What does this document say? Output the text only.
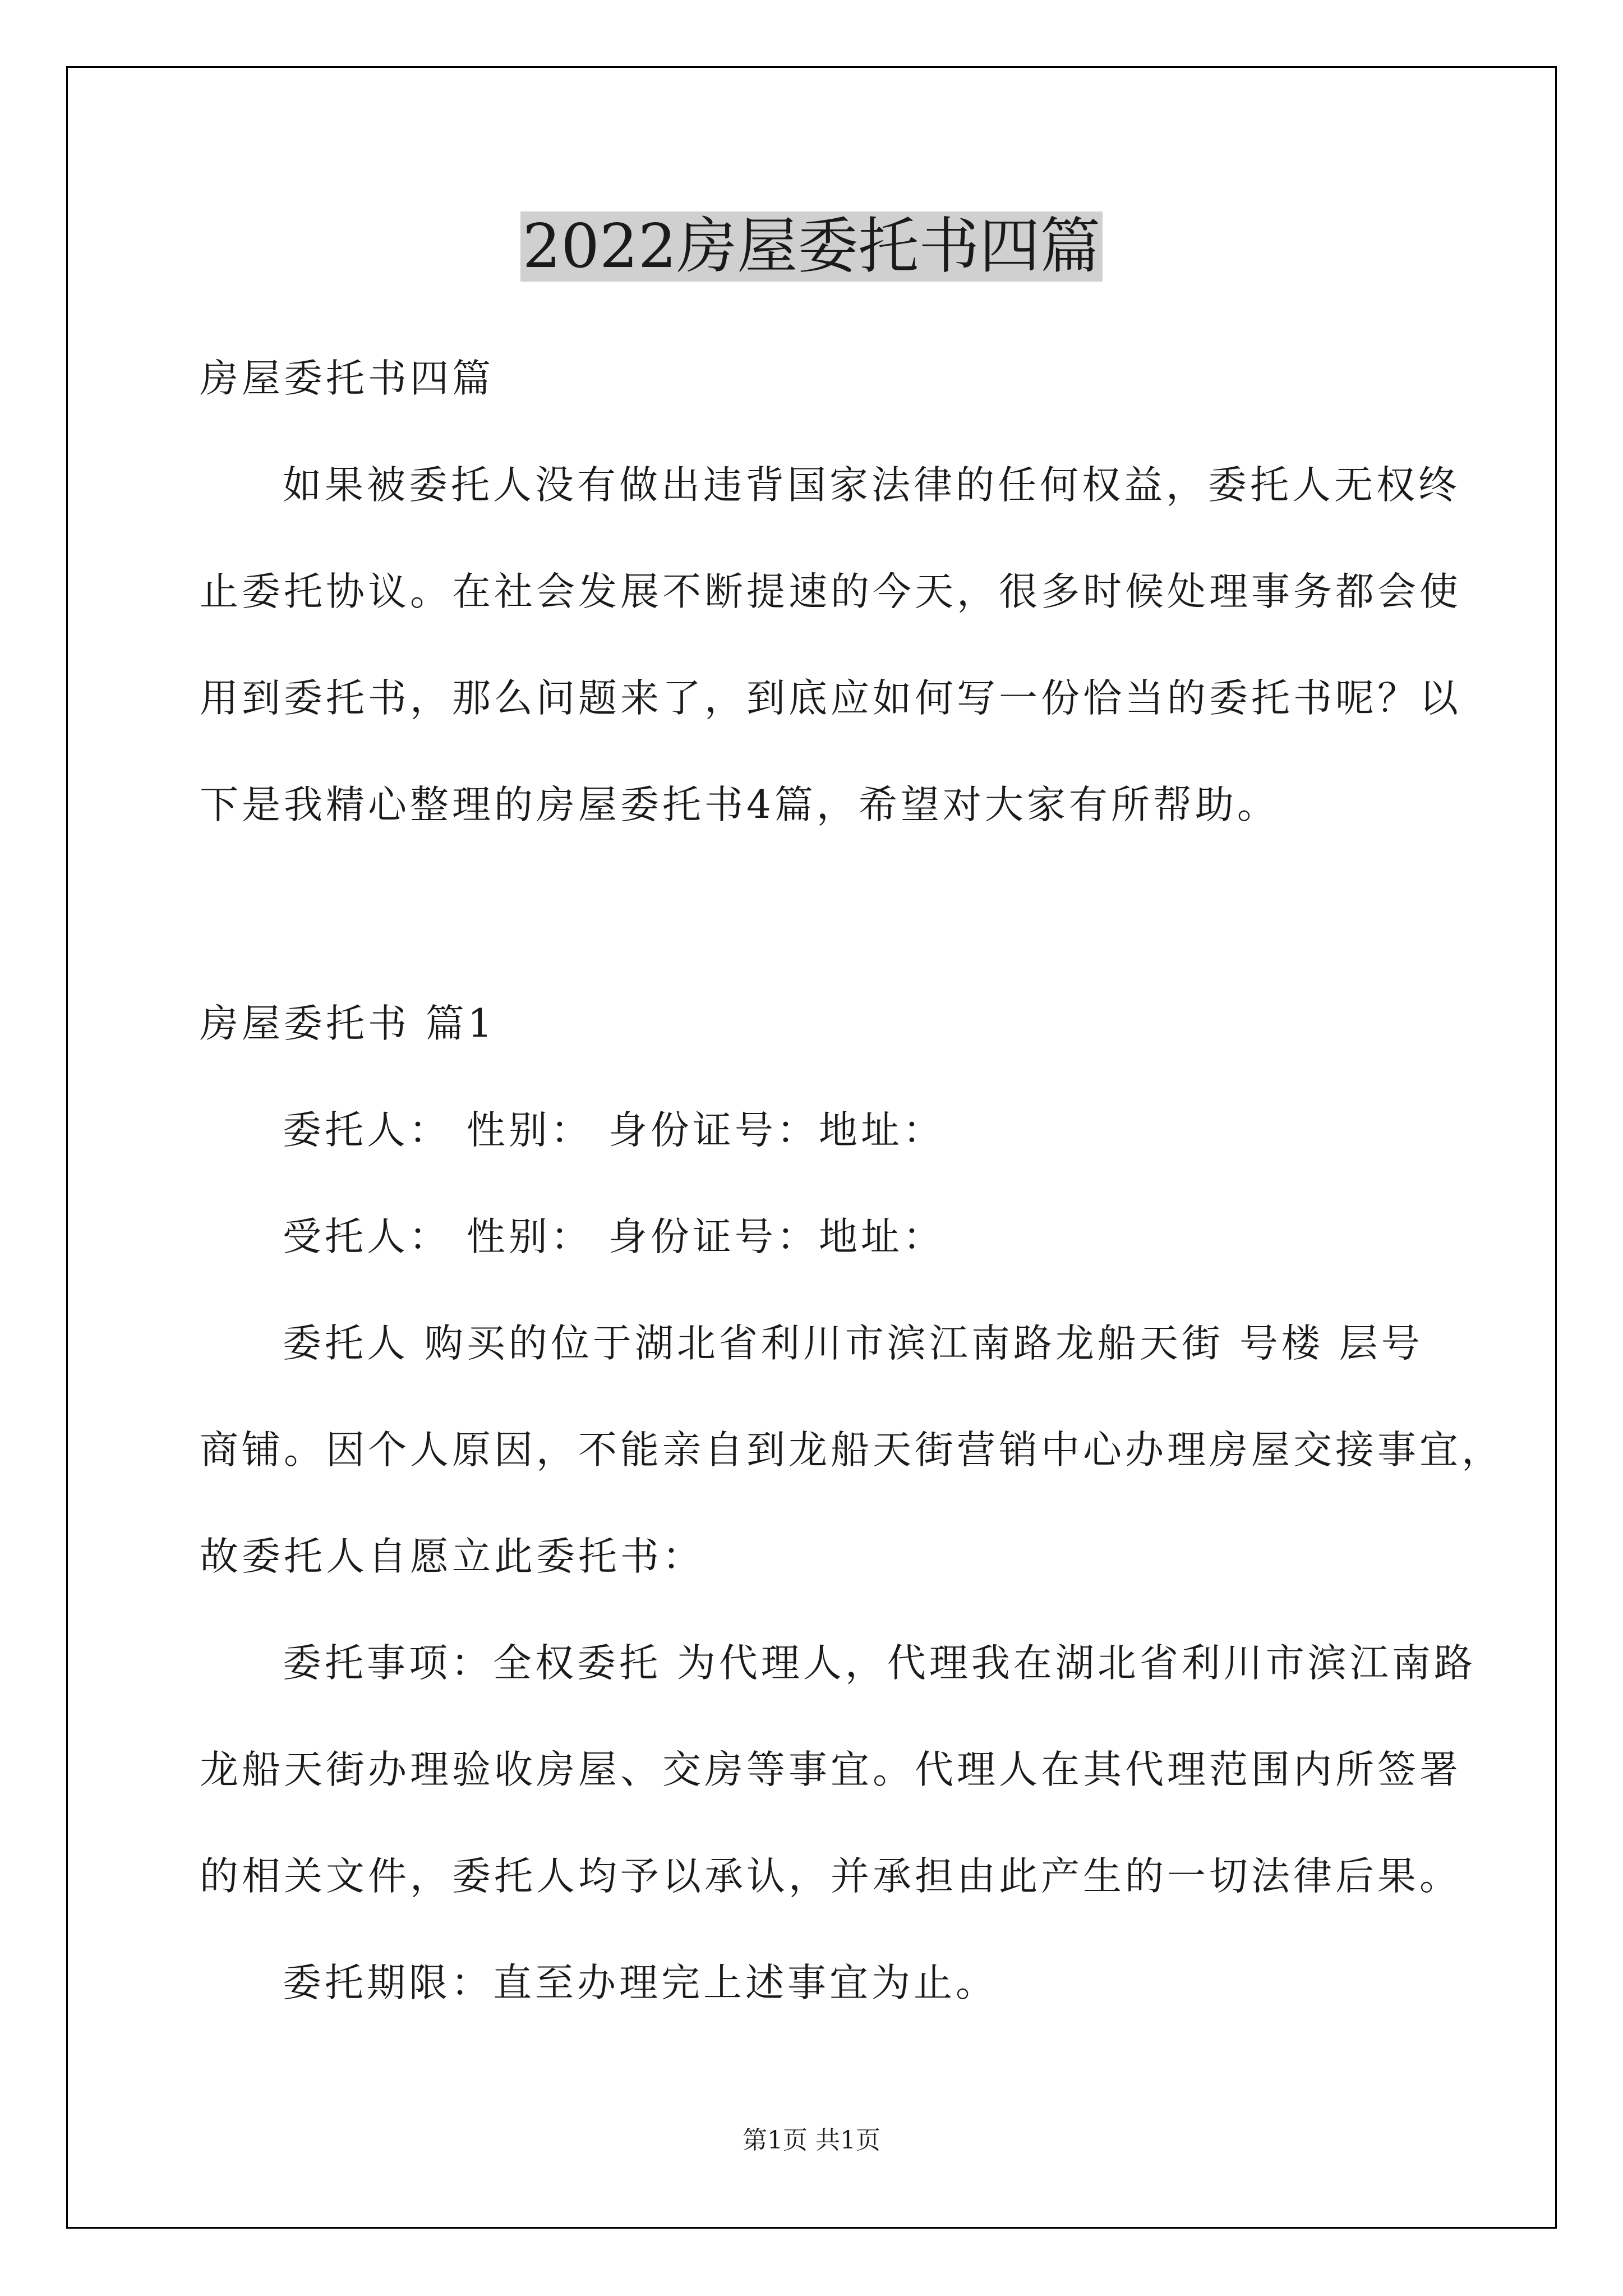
2022房屋委托书四篇
房屋委托书四篇
如果被委托人没有做出违背国家法律的任何权益，委托人无权终
止委托协议。在社会发展不断提速的今天，很多时候处理事务都会使
用到委托书，那么问题来了，到底应如何写一份恰当的委托书呢？以
下是我精心整理的房屋委托书4篇，希望对大家有所帮助。
房屋委托书 篇1
委托人： 性别： 身份证号：地址：
受托人： 性别： 身份证号：地址：
委托人 购买的位于湖北省利川市滨江南路龙船天街 号楼 层号
商铺。因个人原因，不能亲自到龙船天街营销中心办理房屋交接事宜，
故委托人自愿立此委托书：
委托事项：全权委托 为代理人，代理我在湖北省利川市滨江南路
龙船天街办理验收房屋、交房等事宜。代理人在其代理范围内所签署
的相关文件，委托人均予以承认，并承担由此产生的一切法律后果。
委托期限：直至办理完上述事宜为止。
第1页 共1页
